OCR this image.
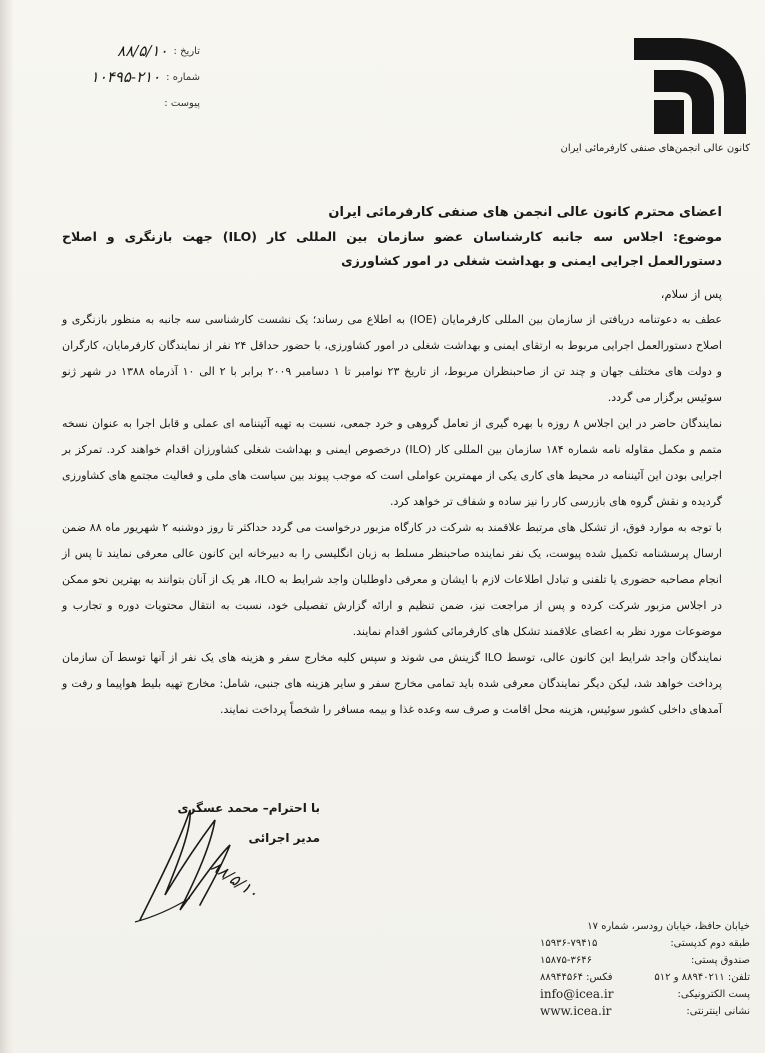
کانون عالی انجمن‌های صنفی کارفرمائی ایران
تاریخ :
۸۸/۵/۱۰
شماره :
۱۰۴۹۵-۲۱۰
پیوست :
اعضای محترم کانون عالی انجمن های صنفی کارفرمائی ایران
موضوع: اجلاس سه جانبه کارشناسان عضو سازمان بین المللی کار (ILO) جهت بازنگری و اصلاح دستورالعمل اجرایی ایمنی و بهداشت شغلی در امور کشاورزی
پس از سلام،

عطف به دعوتنامه دریافتی از سازمان بین المللی کارفرمایان (IOE) به اطلاع می رساند؛ یک نشست کارشناسی سه جانبه به منظور بازنگری و اصلاح دستورالعمل اجرایی مربوط به ارتقای ایمنی و بهداشت شغلی در امور کشاورزی، با حضور حداقل ۲۴ نفر از نمایندگان کارفرمایان، کارگران و دولت های مختلف جهان و چند تن از صاحبنظران مربوط، از تاریخ ۲۳ نوامبر تا ۱ دسامبر ۲۰۰۹ برابر با ۲ الی ۱۰ آذرماه ۱۳۸۸ در شهر ژنو سوئیس برگزار می گردد.

نمایندگان حاضر در این اجلاس ۸ روزه با بهره گیری از تعامل گروهی و خرد جمعی، نسبت به تهیه آئیننامه ای عملی و قابل اجرا به عنوان نسخه متمم و مکمل مقاوله نامه شماره ۱۸۴ سازمان بین المللی کار (ILO) درخصوص ایمنی و بهداشت شغلی کشاورزان اقدام خواهند کرد. تمرکز بر اجرایی بودن این آئیننامه در محیط های کاری یکی از مهمترین عواملی است که موجب پیوند بین سیاست های ملی و فعالیت مجتمع های کشاورزی گردیده و نقش گروه های بازرسی کار را نیز ساده و شفاف تر خواهد کرد.

با توجه به موارد فوق، از تشکل های مرتبط علاقمند به شرکت در کارگاه مزبور درخواست می گردد حداکثر تا روز دوشنبه ۲ شهریور ماه ۸۸ ضمن ارسال پرسشنامه تکمیل شده پیوست، یک نفر نماینده صاحبنظر مسلط به زبان انگلیسی را به دبیرخانه این کانون عالی معرفی نمایند تا پس از انجام مصاحبه حضوری یا تلفنی و تبادل اطلاعات لازم با ایشان و معرفی داوطلبان واجد شرایط به ILO، هر یک از آنان بتوانند به بهترین نحو ممکن در اجلاس مزبور شرکت کرده و پس از مراجعت نیز، ضمن تنظیم و ارائه گزارش تفصیلی خود، نسبت به انتقال محتویات دوره و تجارب و موضوعات مورد نظر به اعضای علاقمند تشکل های کارفرمائی کشور اقدام نمایند.

نمایندگان واجد شرایط این کانون عالی، توسط ILO گزینش می شوند و سپس کلیه مخارج سفر و هزینه های یک نفر از آنها توسط آن سازمان پرداخت خواهد شد، لیکن دیگر نمایندگان معرفی شده باید تمامی مخارج سفر و سایر هزینه های جنبی، شامل: مخارج تهیه بلیط هواپیما و رفت و آمدهای داخلی کشور سوئیس، هزینه محل اقامت و صرف سه وعده غذا و بیمه مسافر را شخصاً پرداخت نمایند.

با احترام– محمد عسگری
مدیر اجرائی
۸۸/۵/۱۰
خیابان حافظ، خیابان رودسر، شماره ۱۷
طبقه دوم کدپستی:
۱۵۹۳۶-۷۹۴۱۵
صندوق پستی:
۱۵۸۷۵-۳۶۴۶
تلفن: ۸۸۹۴۰۲۱۱ و ۵۱۲
فکس: ۸۸۹۴۴۵۶۴
پست الکترونیکی:
info@icea.ir
نشانی اینترنتی:
www.icea.ir
